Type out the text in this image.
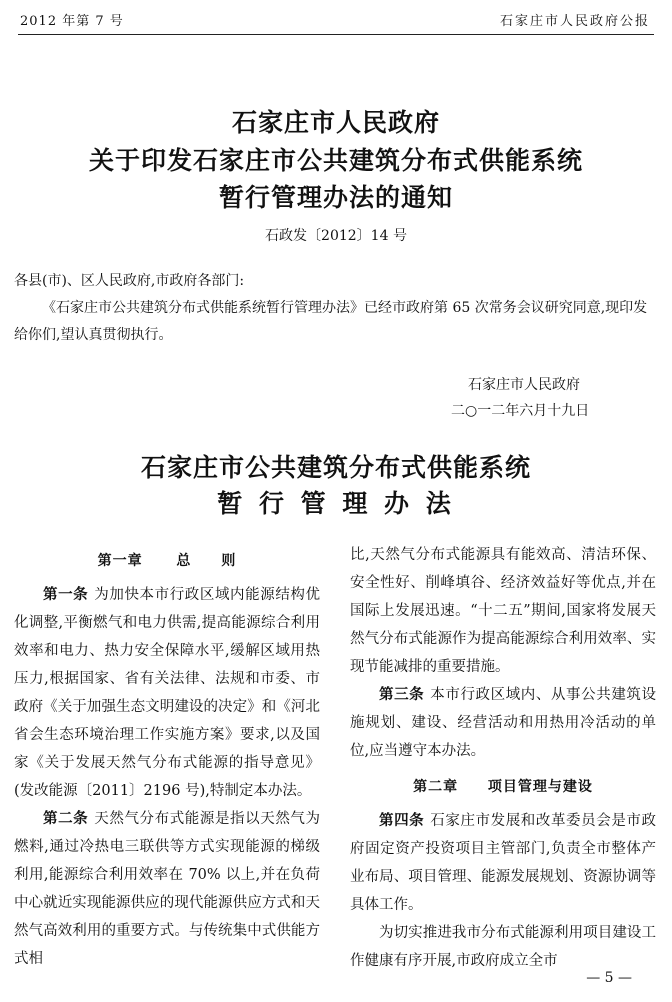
2012 年第 7 号	石家庄市人民政府公报
石家庄市人民政府
关于印发石家庄市公共建筑分布式供能系统
暂行管理办法的通知
石政发〔2012〕14 号

各县(市)、区人民政府,市政府各部门:

《石家庄市公共建筑分布式供能系统暂行管理办法》已经市政府第 65 次常务会议研究同意,现印发给你们,望认真贯彻执行。

石家庄市人民政府
二○一二年六月十九日
石家庄市公共建筑分布式供能系统
暂 行 管 理 办 法

第一章 总　　则

第一条 为加快本市行政区域内能源结构优化调整,平衡燃气和电力供需,提高能源综合利用效率和电力、热力安全保障水平,缓解区域用热压力,根据国家、省有关法律、法规和市委、市政府《关于加强生态文明建设的决定》和《河北省会生态环境治理工作实施方案》要求,以及国家《关于发展天然气分布式能源的指导意见》(发改能源〔2011〕2196 号),特制定本办法。

第二条 天然气分布式能源是指以天然气为燃料,通过冷热电三联供等方式实现能源的梯级利用,能源综合利用效率在 70% 以上,并在负荷中心就近实现能源供应的现代能源供应方式和天然气高效利用的重要方式。与传统集中式供能方式相

比,天然气分布式能源具有能效高、清洁环保、安全性好、削峰填谷、经济效益好等优点,并在国际上发展迅速。“十二五”期间,国家将发展天然气分布式能源作为提高能源综合利用效率、实现节能减排的重要措施。

第三条 本市行政区域内、从事公共建筑设施规划、建设、经营活动和用热用冷活动的单位,应当遵守本办法。

第二章 项目管理与建设

第四条 石家庄市发展和改革委员会是市政府固定资产投资项目主管部门,负责全市整体产业布局、项目管理、能源发展规划、资源协调等具体工作。

为切实推进我市分布式能源利用项目建设工作健康有序开展,市政府成立全市

— 5 —
